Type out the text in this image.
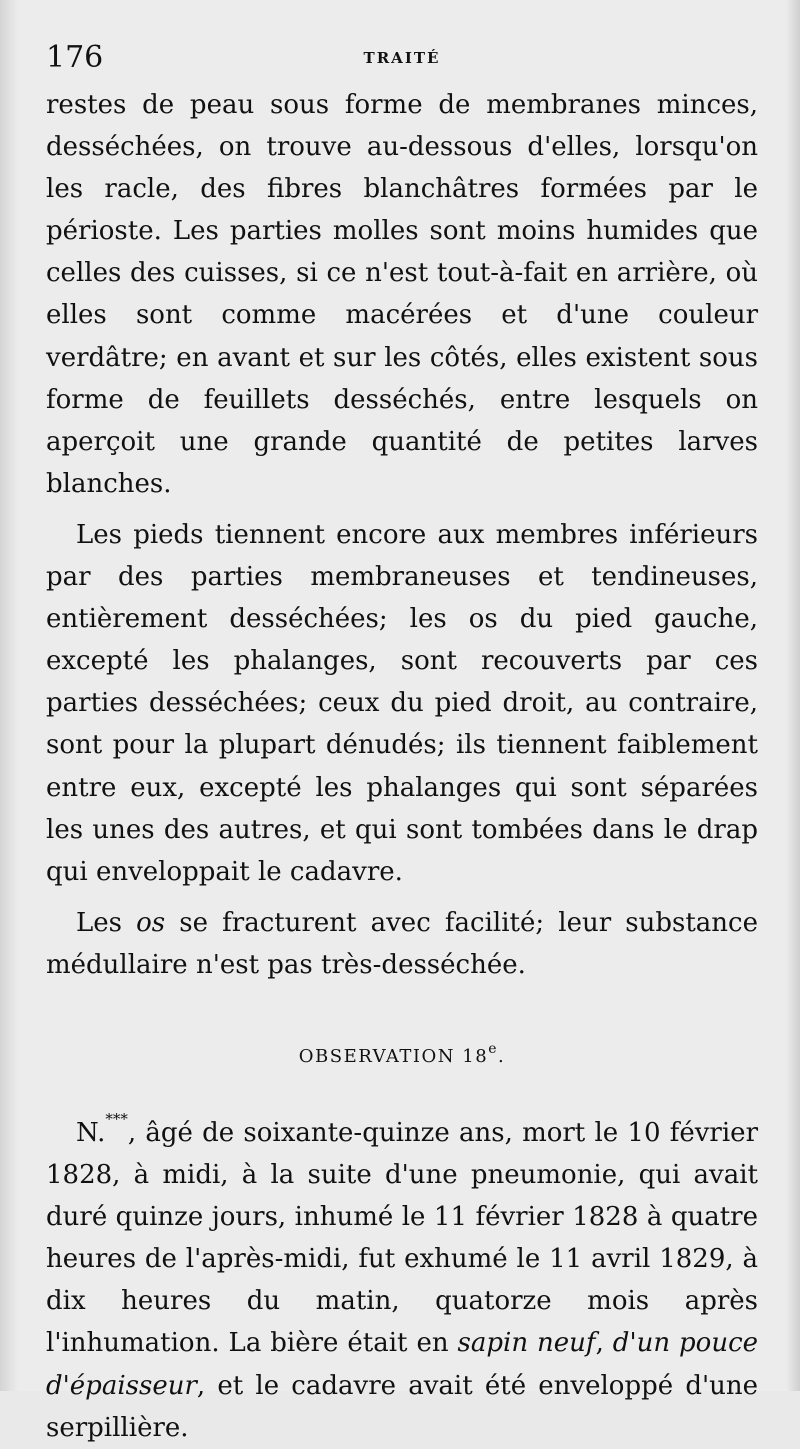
176	TRAITÉ

restes de peau sous forme de membranes minces, desséchées, on trouve au-dessous d'elles, lorsqu'on les racle, des fibres blanchâtres formées par le périoste. Les parties molles sont moins humides que celles des cuisses, si ce n'est tout-à-fait en arrière, où elles sont comme macérées et d'une couleur verdâtre; en avant et sur les côtés, elles existent sous forme de feuillets desséchés, entre lesquels on aperçoit une grande quantité de petites larves blanches.

Les pieds tiennent encore aux membres inférieurs par des parties membraneuses et tendineuses, entièrement desséchées; les os du pied gauche, excepté les phalanges, sont recouverts par ces parties desséchées; ceux du pied droit, au contraire, sont pour la plupart dénudés; ils tiennent faiblement entre eux, excepté les phalanges qui sont séparées les unes des autres, et qui sont tombées dans le drap qui enveloppait le cadavre.

Les os se fracturent avec facilité; leur substance médullaire n'est pas très-desséchée.

OBSERVATION 18e.

N.***, âgé de soixante-quinze ans, mort le 10 février 1828, à midi, à la suite d'une pneumonie, qui avait duré quinze jours, inhumé le 11 février 1828 à quatre heures de l'après-midi, fut exhumé le 11 avril 1829, à dix heures du matin, quatorze mois après l'inhumation. La bière était en sapin neuf, d'un pouce d'épaisseur, et le cadavre avait été enveloppé d'une serpillière.
